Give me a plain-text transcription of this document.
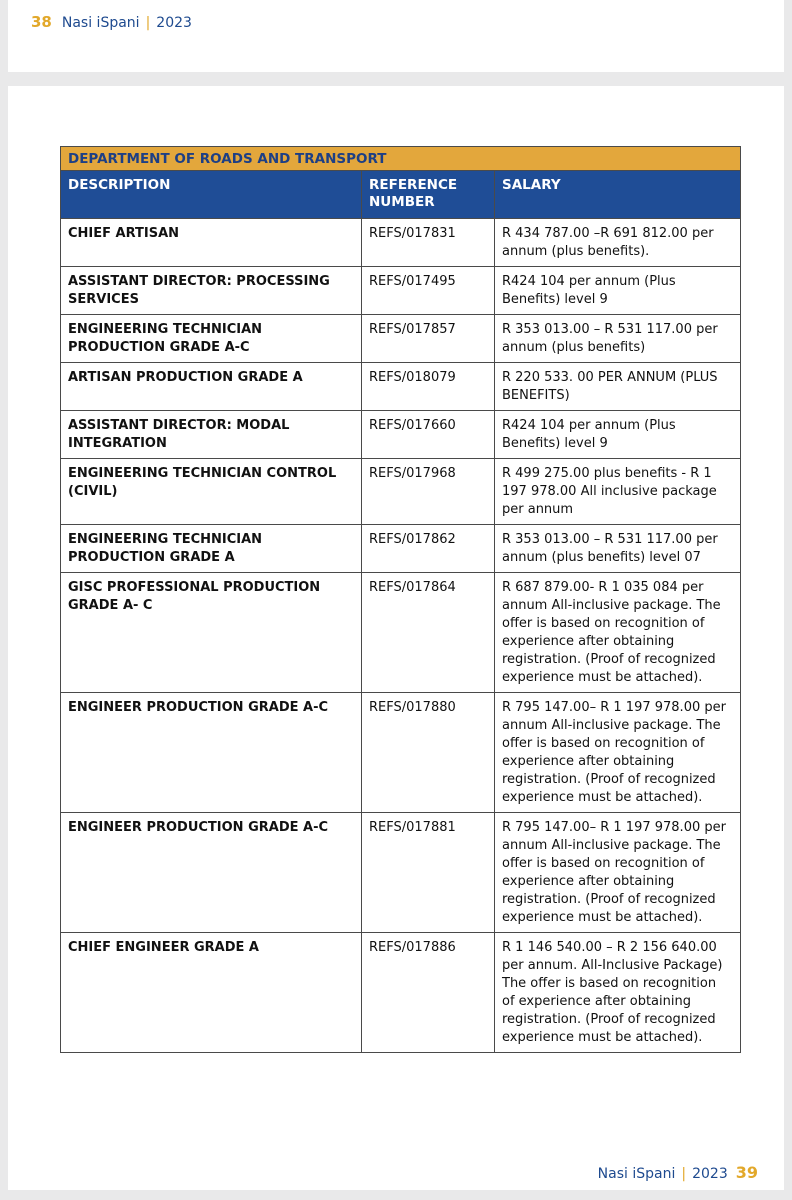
38 Nasi iSpani | 2023
DEPARTMENT OF ROADS AND TRANSPORT		
DESCRIPTION	REFERENCE NUMBER	SALARY
CHIEF ARTISAN	REFS/017831	R 434 787.00 –R 691 812.00 per annum (plus benefits).
ASSISTANT DIRECTOR: PROCESSING SERVICES	REFS/017495	R424 104 per annum (Plus Benefits) level 9
ENGINEERING TECHNICIAN PRODUCTION GRADE A-C	REFS/017857	R 353 013.00 – R 531 117.00 per annum (plus benefits)
ARTISAN PRODUCTION GRADE A	REFS/018079	R 220 533. 00 PER ANNUM (PLUS BENEFITS)
ASSISTANT DIRECTOR: MODAL INTEGRATION	REFS/017660	R424 104 per annum (Plus Benefits) level 9
ENGINEERING TECHNICIAN CONTROL (CIVIL)	REFS/017968	R 499 275.00 plus benefits - R 1 197 978.00 All inclusive package per annum
ENGINEERING TECHNICIAN PRODUCTION GRADE A	REFS/017862	R 353 013.00 – R 531 117.00 per annum (plus benefits) level 07
GISC PROFESSIONAL PRODUCTION GRADE A- C	REFS/017864	R 687 879.00- R 1 035 084 per annum All-inclusive package. The offer is based on recognition of experience after obtaining registration. (Proof of recognized experience must be attached).
ENGINEER PRODUCTION GRADE A-C	REFS/017880	R 795 147.00– R 1 197 978.00 per annum All-inclusive package. The offer is based on recognition of experience after obtaining registration. (Proof of recognized experience must be attached).
ENGINEER PRODUCTION GRADE A-C	REFS/017881	R 795 147.00– R 1 197 978.00 per annum All-inclusive package. The offer is based on recognition of experience after obtaining registration. (Proof of recognized experience must be attached).
CHIEF ENGINEER GRADE A	REFS/017886	R 1 146 540.00 – R 2 156 640.00 per annum. All-Inclusive Package) The offer is based on recognition of experience after obtaining registration. (Proof of recognized experience must be attached).
Nasi iSpani | 2023 39
